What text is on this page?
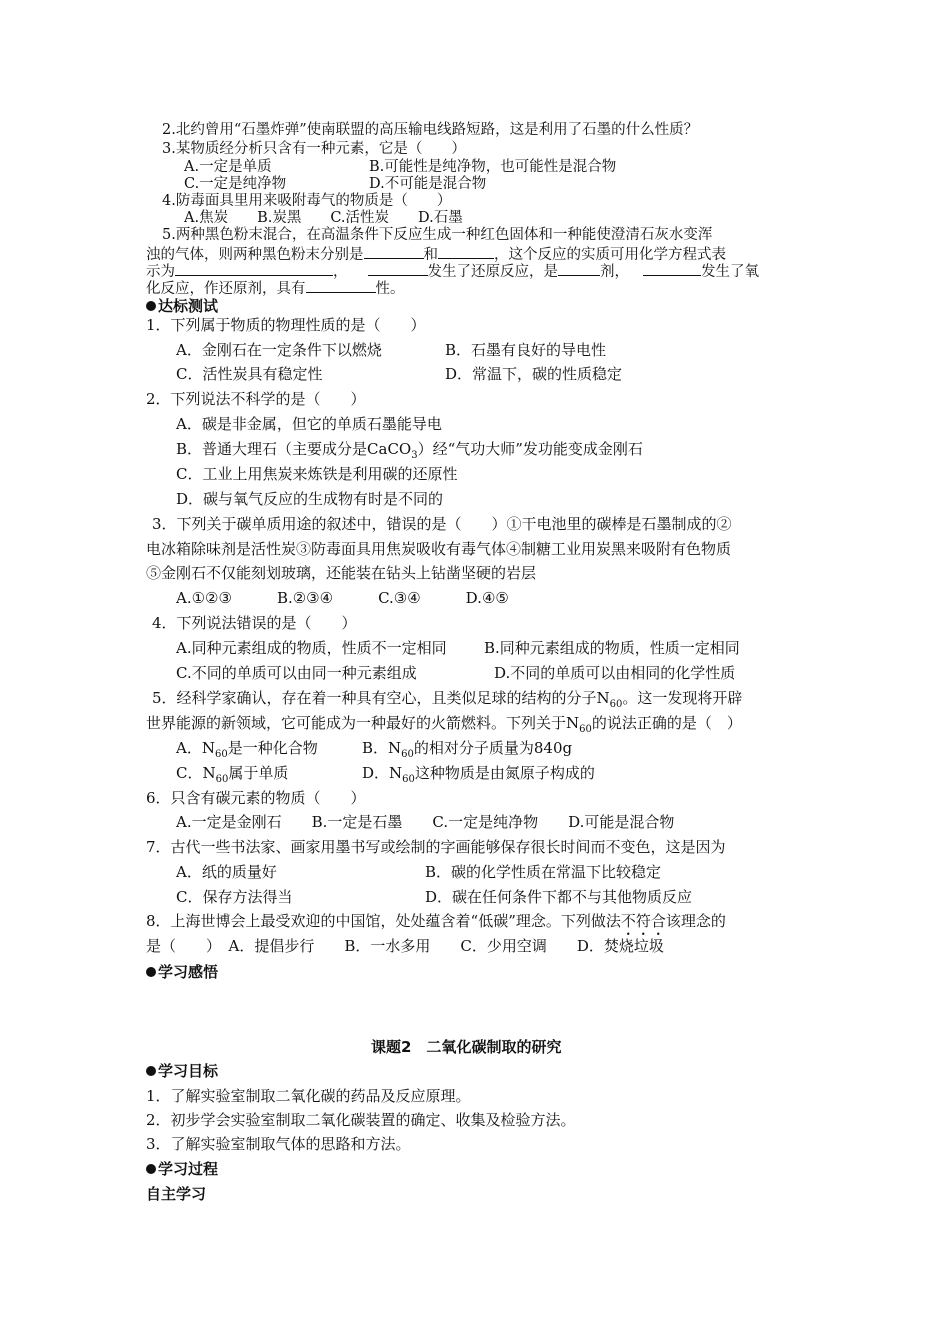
2.北约曾用“石墨炸弹”使南联盟的高压输电线路短路，这是利用了石墨的什么性质？
3.某物质经分析只含有一种元素，它是（　　）
A.一定是单质	B.可能性是纯净物，也可能性是混合物
C.一定是纯净物	D.不可能是混合物
4.防毒面具里用来吸附毒气的物质是（　　）
A.焦炭　　B.炭黑　　C.活性炭　　D.石墨
5.两种黑色粉末混合，在高温条件下反应生成一种红色固体和一种能使澄清石灰水变浑
浊的气体，则两种黑色粉末分别是	和	，这个反应的实质可用化学方程式表
示为	，	发生了还原反应，是	剂，	发生了氧
化反应，作还原剂，具有	性。
达标测试
1．下列属于物质的物理性质的是（　　）
A．金刚石在一定条件下以燃烧	B．石墨有良好的导电性
C．活性炭具有稳定性	D．常温下，碳的性质稳定
2．下列说法不科学的是（　　）
A．碳是非金属，但它的单质石墨能导电
B．普通大理石（主要成分是CaCO$_3$）经“气功大师”发功能变成金刚石
C．工业上用焦炭来炼铁是利用碳的还原性
D．碳与氧气反应的生成物有时是不同的
3．下列关于碳单质用途的叙述中，错误的是（　　）①干电池里的碳棒是石墨制成的②
电冰箱除味剂是活性炭③防毒面具用焦炭吸收有毒气体④制糖工业用炭黑来吸附有色物质
⑤金刚石不仅能刻划玻璃，还能装在钻头上钻凿坚硬的岩层
A.①②③　　　B.②③④　　　C.③④　　　D.④⑤
4．下列说法错误的是（　　）
A.同种元素组成的物质，性质不一定相同 B.同种元素组成的物质，性质一定相同
C.不同的单质可以由同一种元素组成	D.不同的单质可以由相同的化学性质
5．经科学家确认，存在着一种具有空心，且类似足球的结构的分子$N_{60}$。这一发现将开辟
世界能源的新领域，它可能成为一种最好的火箭燃料。下列关于$N_{60}$的说法正确的是（　）
A．$N_{60}$是一种化合物	B．$N_{60}$的相对分子质量为840g
C．$N_{60}$属于单质	D．$N_{60}$这种物质是由氮原子构成的
6．只含有碳元素的物质（　　）
A.一定是金刚石　　B.一定是石墨　　C.一定是纯净物　　D.可能是混合物
7．古代一些书法家、画家用墨书写或绘制的字画能够保存很长时间而不变色，这是因为
A．纸的质量好	B．碳的化学性质在常温下比较稳定
C．保存方法得当	D．碳在任何条件下都不与其他物质反应
8．上海世博会上最受欢迎的中国馆，处处蕴含着“低碳”理念。下列做法不符合该理念的
是（　　）　A．提倡步行　　B．一水多用　　C．少用空调　　D．焚烧垃圾
学习感悟
课题2　二氧化碳制取的研究
学习目标
1．了解实验室制取二氧化碳的药品及反应原理。
2．初步学会实验室制取二氧化碳装置的确定、收集及检验方法。
3．了解实验室制取气体的思路和方法。
学习过程
自主学习
